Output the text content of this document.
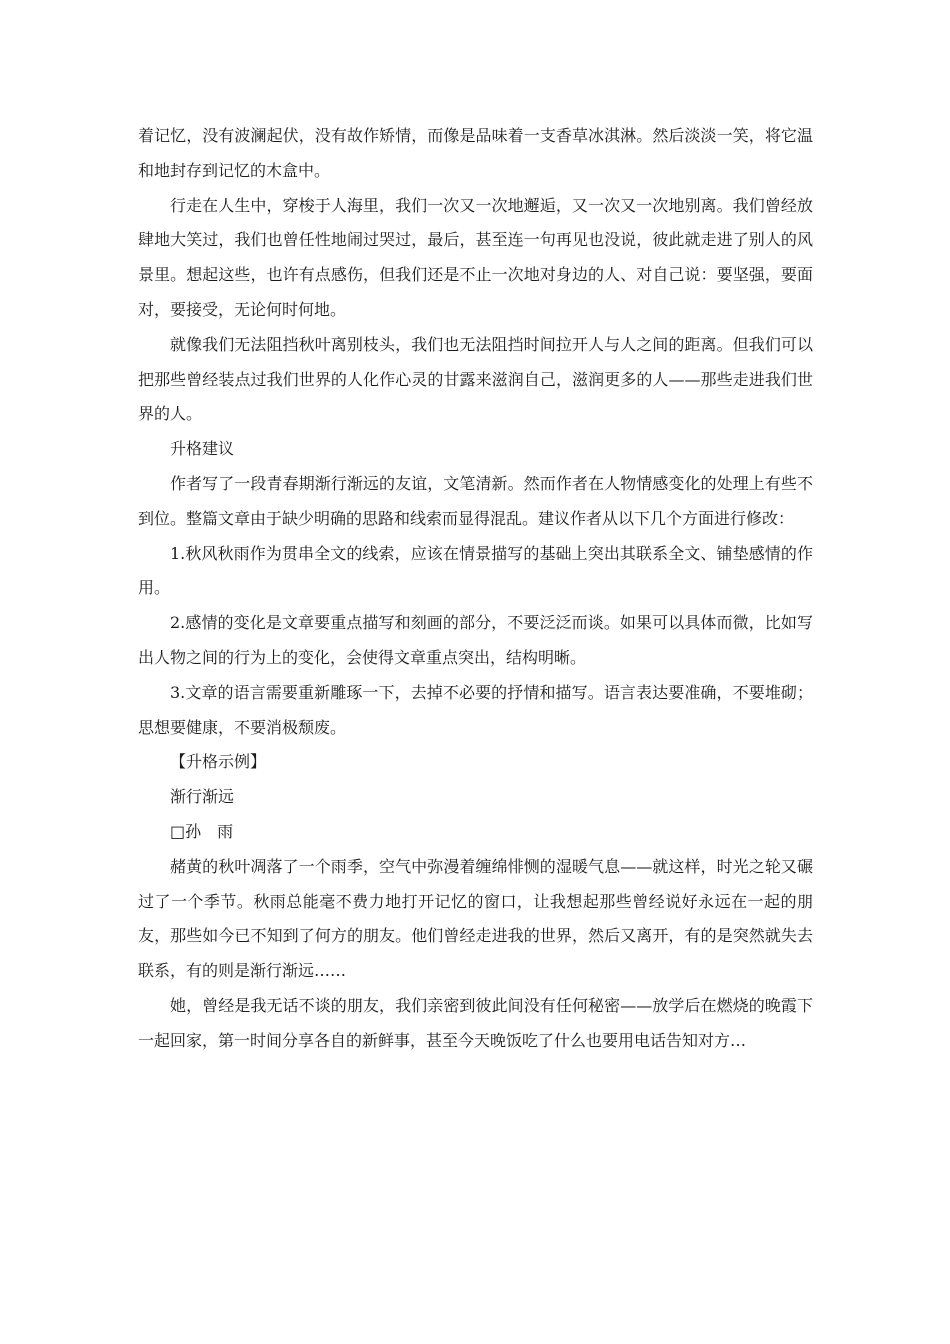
着记忆，没有波澜起伏，没有故作矫情，而像是品味着一支香草冰淇淋。然后淡淡一笑，将它温和地封存到记忆的木盒中。

行走在人生中，穿梭于人海里，我们一次又一次地邂逅，又一次又一次地别离。我们曾经放肆地大笑过，我们也曾任性地闹过哭过，最后，甚至连一句再见也没说，彼此就走进了别人的风景里。想起这些，也许有点感伤，但我们还是不止一次地对身边的人、对自己说：要坚强，要面对，要接受，无论何时何地。

就像我们无法阻挡秋叶离别枝头，我们也无法阻挡时间拉开人与人之间的距离。但我们可以把那些曾经装点过我们世界的人化作心灵的甘露来滋润自己，滋润更多的人——那些走进我们世界的人。

升格建议

作者写了一段青春期渐行渐远的友谊，文笔清新。然而作者在人物情感变化的处理上有些不到位。整篇文章由于缺少明确的思路和线索而显得混乱。建议作者从以下几个方面进行修改：

1.秋风秋雨作为贯串全文的线索，应该在情景描写的基础上突出其联系全文、铺垫感情的作用。

2.感情的变化是文章要重点描写和刻画的部分，不要泛泛而谈。如果可以具体而微，比如写出人物之间的行为上的变化，会使得文章重点突出，结构明晰。

3.文章的语言需要重新雕琢一下，去掉不必要的抒情和描写。语言表达要准确，不要堆砌；思想要健康，不要消极颓废。

【升格示例】

渐行渐远

□孙　雨

赭黄的秋叶凋落了一个雨季，空气中弥漫着缠绵悱恻的湿暖气息——就这样，时光之轮又碾过了一个季节。秋雨总能毫不费力地打开记忆的窗口，让我想起那些曾经说好永远在一起的朋友，那些如今已不知到了何方的朋友。他们曾经走进我的世界，然后又离开，有的是突然就失去联系，有的则是渐行渐远……

她，曾经是我无话不谈的朋友，我们亲密到彼此间没有任何秘密——放学后在燃烧的晚霞下一起回家，第一时间分享各自的新鲜事，甚至今天晚饭吃了什么也要用电话告知对方…
